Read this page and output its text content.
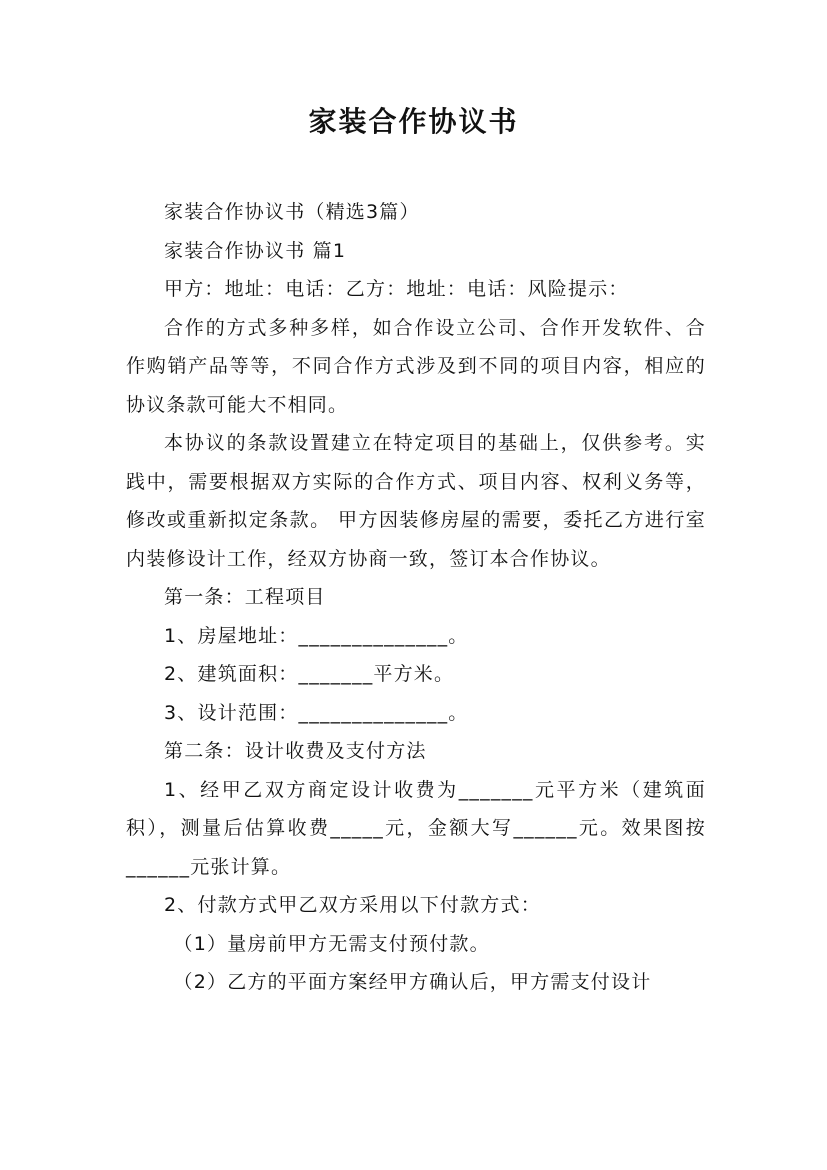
家装合作协议书

家装合作协议书（精选3篇）

家装合作协议书 篇1

甲方：地址：电话：乙方：地址：电话：风险提示：

合作的方式多种多样，如合作设立公司、合作开发软件、合作购销产品等等，不同合作方式涉及到不同的项目内容，相应的协议条款可能大不相同。

本协议的条款设置建立在特定项目的基础上，仅供参考。实践中，需要根据双方实际的合作方式、项目内容、权利义务等，修改或重新拟定条款。 甲方因装修房屋的需要，委托乙方进行室内装修设计工作，经双方协商一致，签订本合作协议。

第一条：工程项目

1、房屋地址：______________。

2、建筑面积：_______平方米。

3、设计范围：______________。

第二条：设计收费及支付方法

1、经甲乙双方商定设计收费为_______元平方米（建筑面积），测量后估算收费_____元，金额大写______元。效果图按______元张计算。

2、付款方式甲乙双方采用以下付款方式：

（1）量房前甲方无需支付预付款。

（2）乙方的平面方案经甲方确认后，甲方需支付设计
